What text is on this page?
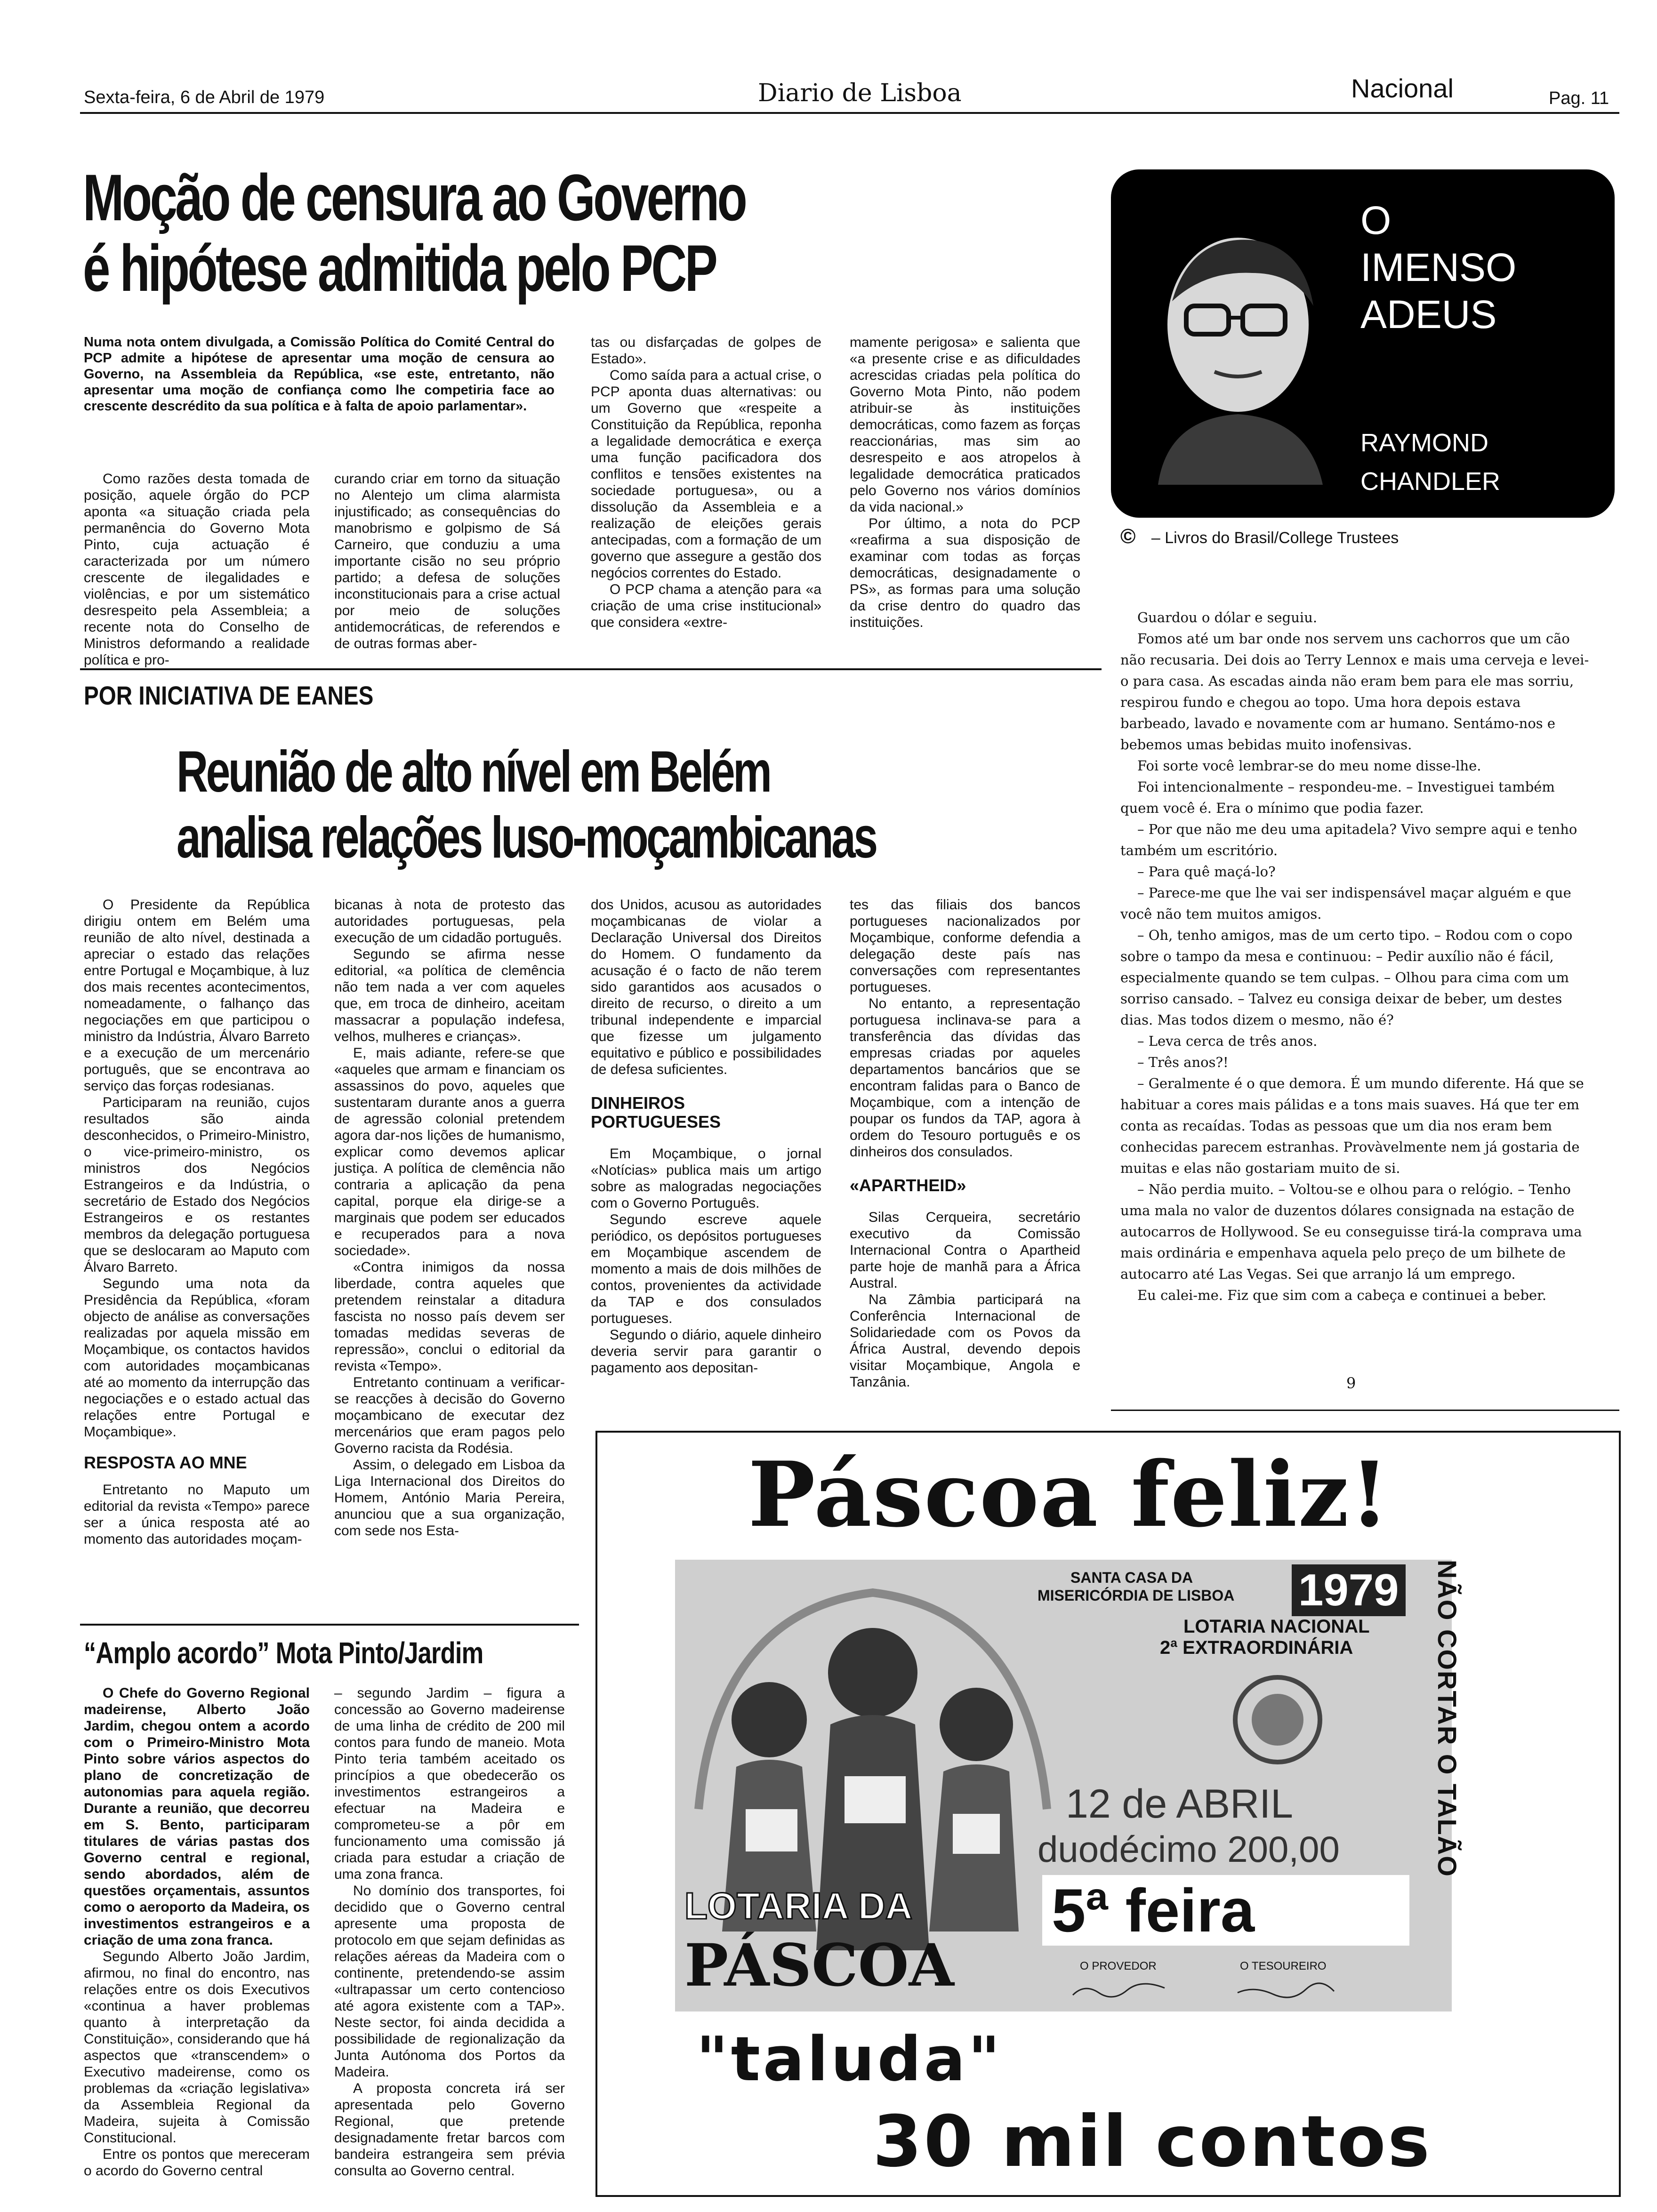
Sexta-feira, 6 de Abril de 1979	Diario de Lisboa	Nacional	Pag. 11
Moção de censura ao Governo
é hipótese admitida pelo PCP
Numa nota ontem divulgada, a Comissão Política do Comité Central do PCP admite a hipótese de apresentar uma moção de censura ao Governo, na Assembleia da República, «se este, entretanto, não apresentar uma moção de confiança como lhe competiria face ao crescente descrédito da sua política e à falta de apoio parlamentar».

Como razões desta tomada de posição, aquele órgão do PCP aponta «a situação criada pela permanência do Governo Mota Pinto, cuja actuação é caracterizada por um número crescente de ilegalidades e violências, e por um sistemático desrespeito pela Assembleia; a recente nota do Conselho de Ministros deformando a realidade política e pro-

curando criar em torno da situação no Alentejo um clima alarmista injustificado; as consequências do manobrismo e golpismo de Sá Carneiro, que conduziu a uma importante cisão no seu próprio partido; a defesa de soluções inconstitucionais para a crise actual por meio de soluções antidemocráticas, de referendos e de outras formas aber-

tas ou disfarçadas de golpes de Estado».

Como saída para a actual crise, o PCP aponta duas alternativas: ou um Governo que «respeite a Constituição da República, reponha a legalidade democrática e exerça uma função pacificadora dos conflitos e tensões existentes na sociedade portuguesa», ou a dissolução da Assembleia e a realização de eleições gerais antecipadas, com a formação de um governo que assegure a gestão dos negócios correntes do Estado.

O PCP chama a atenção para «a criação de uma crise institucional» que considera «extre-

mamente perigosa» e salienta que «a presente crise e as dificuldades acrescidas criadas pela política do Governo Mota Pinto, não podem atribuir-se às instituições democráticas, como fazem as forças reaccionárias, mas sim ao desrespeito e aos atropelos à legalidade democrática praticados pelo Governo nos vários domínios da vida nacional.»

Por último, a nota do PCP «reafirma a sua disposição de examinar com todas as forças democráticas, designadamente o PS», as formas para uma solução da crise dentro do quadro das instituições.

O
IMENSO
ADEUS
RAYMOND
CHANDLER
© – Livros do Brasil/College Trustees

Guardou o dólar e seguiu.

Fomos até um bar onde nos servem uns cachorros que um cão não recusaria. Dei dois ao Terry Lennox e mais uma cerveja e levei-o para casa. As escadas ainda não eram bem para ele mas sorriu, respirou fundo e chegou ao topo. Uma hora depois estava barbeado, lavado e novamente com ar humano. Sentámo-nos e bebemos umas bebidas muito inofensivas.

Foi sorte você lembrar-se do meu nome disse-lhe.

Foi intencionalmente – respondeu-me. – Investiguei também quem você é. Era o mínimo que podia fazer.

– Por que não me deu uma apitadela? Vivo sempre aqui e tenho também um escritório.

– Para quê maçá-lo?

– Parece-me que lhe vai ser indispensável maçar alguém e que você não tem muitos amigos.

– Oh, tenho amigos, mas de um certo tipo. – Rodou com o copo sobre o tampo da mesa e continuou: – Pedir auxílio não é fácil, especialmente quando se tem culpas. – Olhou para cima com um sorriso cansado. – Talvez eu consiga deixar de beber, um destes dias. Mas todos dizem o mesmo, não é?

– Leva cerca de três anos.

– Três anos?!

– Geralmente é o que demora. É um mundo diferente. Há que se habituar a cores mais pálidas e a tons mais suaves. Há que ter em conta as recaídas. Todas as pessoas que um dia nos eram bem conhecidas parecem estranhas. Provàvelmente nem já gostaria de muitas e elas não gostariam muito de si.

– Não perdia muito. – Voltou-se e olhou para o relógio. – Tenho uma mala no valor de duzentos dólares consignada na estação de autocarros de Hollywood. Se eu conseguisse tirá-la comprava uma mais ordinária e empenhava aquela pelo preço de um bilhete de autocarro até Las Vegas. Sei que arranjo lá um emprego.

Eu calei-me. Fiz que sim com a cabeça e continuei a beber.

9
POR INICIATIVA DE EANES
Reunião de alto nível em Belém
analisa relações luso-moçambicanas

O Presidente da República dirigiu ontem em Belém uma reunião de alto nível, destinada a apreciar o estado das relações entre Portugal e Moçambique, à luz dos mais recentes acontecimentos, nomeadamente, o falhanço das negociações em que participou o ministro da Indústria, Álvaro Barreto e a execução de um mercenário português, que se encontrava ao serviço das forças rodesianas.

Participaram na reunião, cujos resultados são ainda desconhecidos, o Primeiro-Ministro, o vice-primeiro-ministro, os ministros dos Negócios Estrangeiros e da Indústria, o secretário de Estado dos Negócios Estrangeiros e os restantes membros da delegação portuguesa que se deslocaram ao Maputo com Álvaro Barreto.

Segundo uma nota da Presidência da República, «foram objecto de análise as conversações realizadas por aquela missão em Moçambique, os contactos havidos com autoridades moçambicanas até ao momento da interrupção das negociações e o estado actual das relações entre Portugal e Moçambique».

RESPOSTA AO MNE

Entretanto no Maputo um editorial da revista «Tempo» parece ser a única resposta até ao momento das autoridades moçam-

bicanas à nota de protesto das autoridades portuguesas, pela execução de um cidadão português.

Segundo se afirma nesse editorial, «a política de clemência não tem nada a ver com aqueles que, em troca de dinheiro, aceitam massacrar a população indefesa, velhos, mulheres e crianças».

E, mais adiante, refere-se que «aqueles que armam e financiam os assassinos do povo, aqueles que sustentaram durante anos a guerra de agressão colonial pretendem agora dar-nos lições de humanismo, explicar como devemos aplicar justiça. A política de clemência não contraria a aplicação da pena capital, porque ela dirige-se a marginais que podem ser educados e recuperados para a nova sociedade».

«Contra inimigos da nossa liberdade, contra aqueles que pretendem reinstalar a ditadura fascista no nosso país devem ser tomadas medidas severas de repressão», conclui o editorial da revista «Tempo».

Entretanto continuam a verificar-se reacções à decisão do Governo moçambicano de executar dez mercenários que eram pagos pelo Governo racista da Rodésia.

Assim, o delegado em Lisboa da Liga Internacional dos Direitos do Homem, António Maria Pereira, anunciou que a sua organização, com sede nos Esta-

dos Unidos, acusou as autoridades moçambicanas de violar a Declaração Universal dos Direitos do Homem. O fundamento da acusação é o facto de não terem sido garantidos aos acusados o direito de recurso, o direito a um tribunal independente e imparcial que fizesse um julgamento equitativo e público e possibilidades de defesa suficientes.

DINHEIROS
PORTUGUESES

Em Moçambique, o jornal «Notícias» publica mais um artigo sobre as malogradas negociações com o Governo Português.

Segundo escreve aquele periódico, os depósitos portugueses em Moçambique ascendem de momento a mais de dois milhões de contos, provenientes da actividade da TAP e dos consulados portugueses.

Segundo o diário, aquele dinheiro deveria servir para garantir o pagamento aos depositan-

tes das filiais dos bancos portugueses nacionalizados por Moçambique, conforme defendia a delegação deste país nas conversações com representantes portugueses.

No entanto, a representação portuguesa inclinava-se para a transferência das dívidas das empresas criadas por aqueles departamentos bancários que se encontram falidas para o Banco de Moçambique, com a intenção de poupar os fundos da TAP, agora à ordem do Tesouro português e os dinheiros dos consulados.

«APARTHEID»

Silas Cerqueira, secretário executivo da Comissão Internacional Contra o Apartheid parte hoje de manhã para a África Austral.

Na Zâmbia participará na Conferência Internacional de Solidariedade com os Povos da África Austral, devendo depois visitar Moçambique, Angola e Tanzânia.

“Amplo acordo” Mota Pinto/Jardim

O Chefe do Governo Regional madeirense, Alberto João Jardim, chegou ontem a acordo com o Primeiro-Ministro Mota Pinto sobre vários aspectos do plano de concretização de autonomias para aquela região. Durante a reunião, que decorreu em S. Bento, participaram titulares de várias pastas dos Governo central e regional, sendo abordados, além de questões orçamentais, assuntos como o aeroporto da Madeira, os investimentos estrangeiros e a criação de uma zona franca.

Segundo Alberto João Jardim, afirmou, no final do encontro, nas relações entre os dois Executivos «continua a haver problemas quanto à interpretação da Constituição», considerando que há aspectos que «transcendem» o Executivo madeirense, como os problemas da «criação legislativa» da Assembleia Regional da Madeira, sujeita à Comissão Constitucional.

Entre os pontos que mereceram o acordo do Governo central

– segundo Jardim – figura a concessão ao Governo madeirense de uma linha de crédito de 200 mil contos para fundo de maneio. Mota Pinto teria também aceitado os princípios a que obedecerão os investimentos estrangeiros a efectuar na Madeira e comprometeu-se a pôr em funcionamento uma comissão já criada para estudar a criação de uma zona franca.

No domínio dos transportes, foi decidido que o Governo central apresente uma proposta de protocolo em que sejam definidas as relações aéreas da Madeira com o continente, pretendendo-se assim «ultrapassar um certo contencioso até agora existente com a TAP». Neste sector, foi ainda decidida a possibilidade de regionalização da Junta Autónoma dos Portos da Madeira.

A proposta concreta irá ser apresentada pelo Governo Regional, que pretende designadamente fretar barcos com bandeira estrangeira sem prévia consulta ao Governo central.

Páscoa feliz!
SANTA CASA DA
MISERICÓRDIA DE LISBOA 1979
LOTARIA NACIONAL
2ª EXTRAORDINÁRIA
12 de ABRIL
duodécimo 200,00
5ª feira
LOTARIA DA
PÁSCOA	O PROVEDOR	O TESOUREIRO
NÃO CORTAR O TALÃO
"taluda"
30 mil contos
